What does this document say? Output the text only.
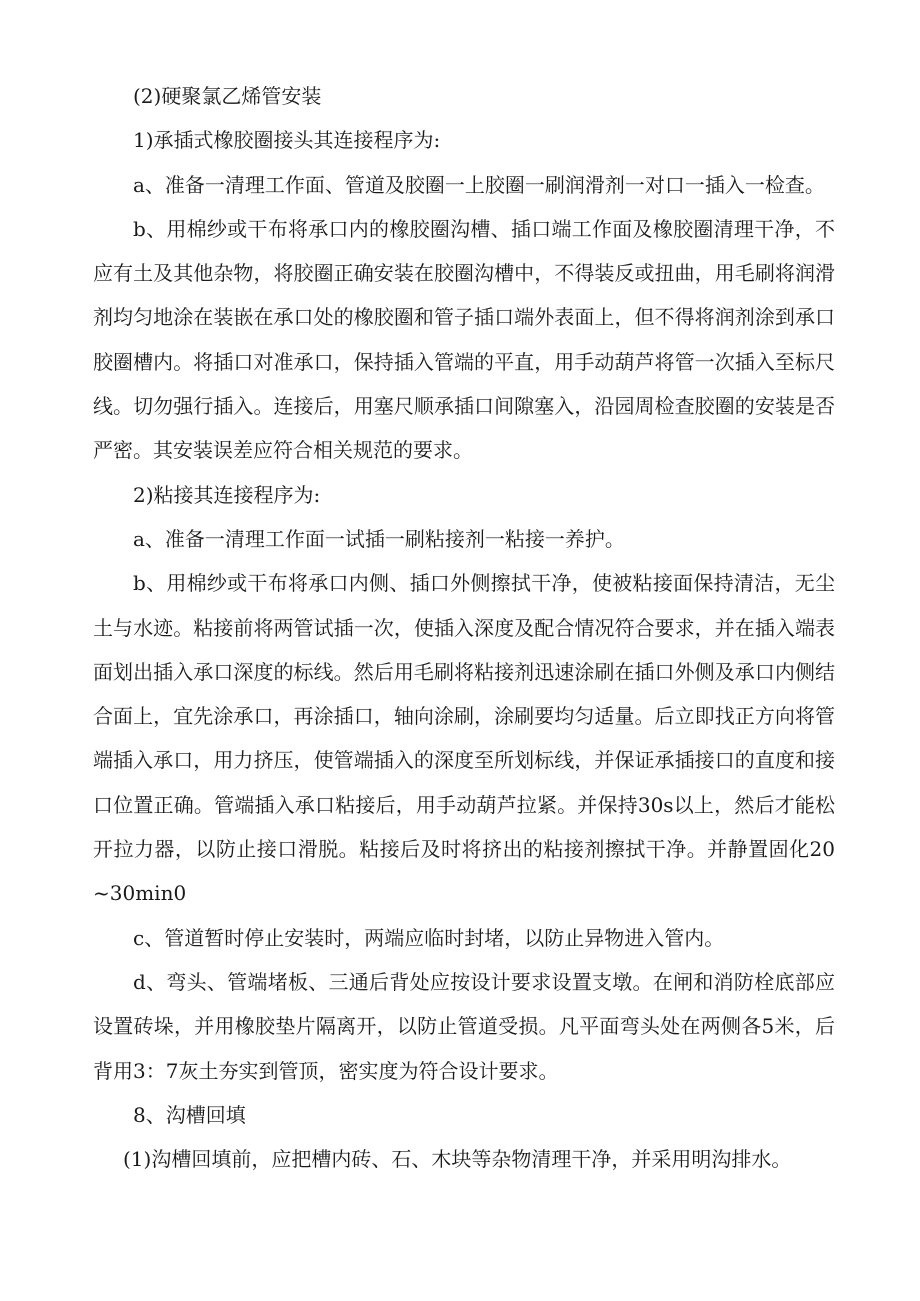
(2)硬聚氯乙烯管安装

1)承插式橡胶圈接头其连接程序为:

a、准备一清理工作面、管道及胶圈一上胶圈一刷润滑剂一对口一插入一检查。

b、用棉纱或干布将承口内的橡胶圈沟槽、插口端工作面及橡胶圈清理干净，不应有土及其他杂物，将胶圈正确安装在胶圈沟槽中，不得装反或扭曲，用毛刷将润滑剂均匀地涂在装嵌在承口处的橡胶圈和管子插口端外表面上，但不得将润剂涂到承口胶圈槽内。将插口对准承口，保持插入管端的平直，用手动葫芦将管一次插入至标尺线。切勿强行插入。连接后，用塞尺顺承插口间隙塞入，沿园周检查胶圈的安装是否严密。其安装误差应符合相关规范的要求。

2)粘接其连接程序为:

a、准备一清理工作面一试插一刷粘接剂一粘接一养护。

b、用棉纱或干布将承口内侧、插口外侧擦拭干净，使被粘接面保持清洁，无尘土与水迹。粘接前将两管试插一次，使插入深度及配合情况符合要求，并在插入端表面划出插入承口深度的标线。然后用毛刷将粘接剂迅速涂刷在插口外侧及承口内侧结合面上，宜先涂承口，再涂插口，轴向涂刷，涂刷要均匀适量。后立即找正方向将管端插入承口，用力挤压，使管端插入的深度至所划标线，并保证承插接口的直度和接口位置正确。管端插入承口粘接后，用手动葫芦拉紧。并保持30s以上，然后才能松开拉力器，以防止接口滑脱。粘接后及时将挤出的粘接剂擦拭干净。并静置固化20~30min0

c、管道暂时停止安装时，两端应临时封堵，以防止异物进入管内。

d、弯头、管端堵板、三通后背处应按设计要求设置支墩。在闸和消防栓底部应设置砖垛，并用橡胶垫片隔离开，以防止管道受损。凡平面弯头处在两侧各5米，后背用3：7灰土夯实到管顶，密实度为符合设计要求。

8、沟槽回填

(1)沟槽回填前，应把槽内砖、石、木块等杂物清理干净，并采用明沟排水。
